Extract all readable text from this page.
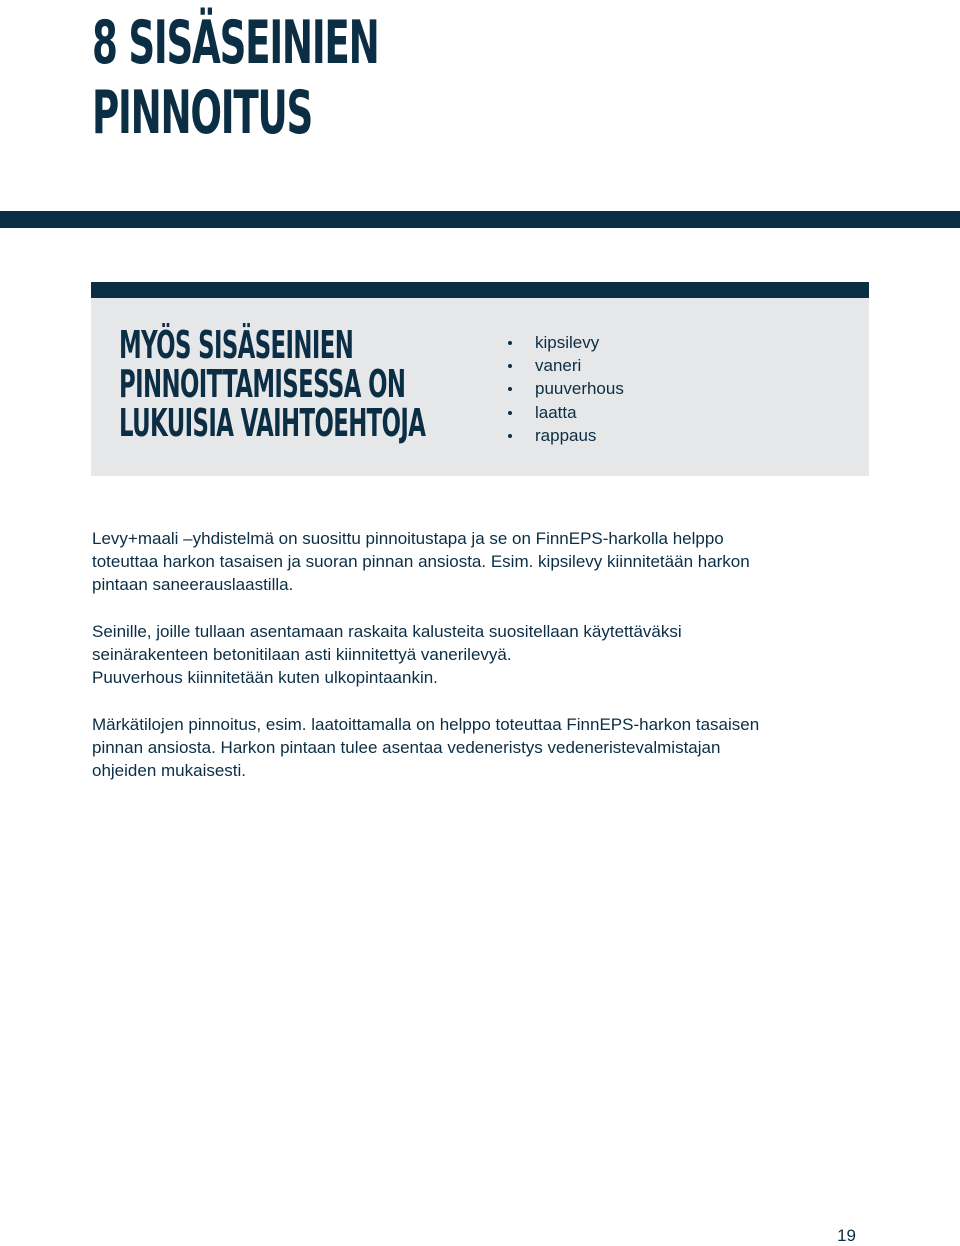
8 SISÄSEINIEN
PINNOITUS
MYÖS SISÄSEINIEN
PINNOITTAMISESSA ON
LUKUISIA VAIHTOEHTOJA
kipsilevy
vaneri
puuverhous
laatta
rappaus

Levy+maali –yhdistelmä on suosittu pinnoitustapa ja se on FinnEPS-harkolla helppo
toteuttaa harkon tasaisen ja suoran pinnan ansiosta. Esim. kipsilevy kiinnitetään harkon
pintaan saneerauslaastilla.

Seinille, joille tullaan asentamaan raskaita kalusteita suositellaan käytettäväksi
seinärakenteen betonitilaan asti kiinnitettyä vanerilevyä.
Puuverhous kiinnitetään kuten ulkopintaankin.

Märkätilojen pinnoitus, esim. laatoittamalla on helppo toteuttaa FinnEPS-harkon tasaisen
pinnan ansiosta. Harkon pintaan tulee asentaa vedeneristys vedeneristevalmistajan
ohjeiden mukaisesti.

19
